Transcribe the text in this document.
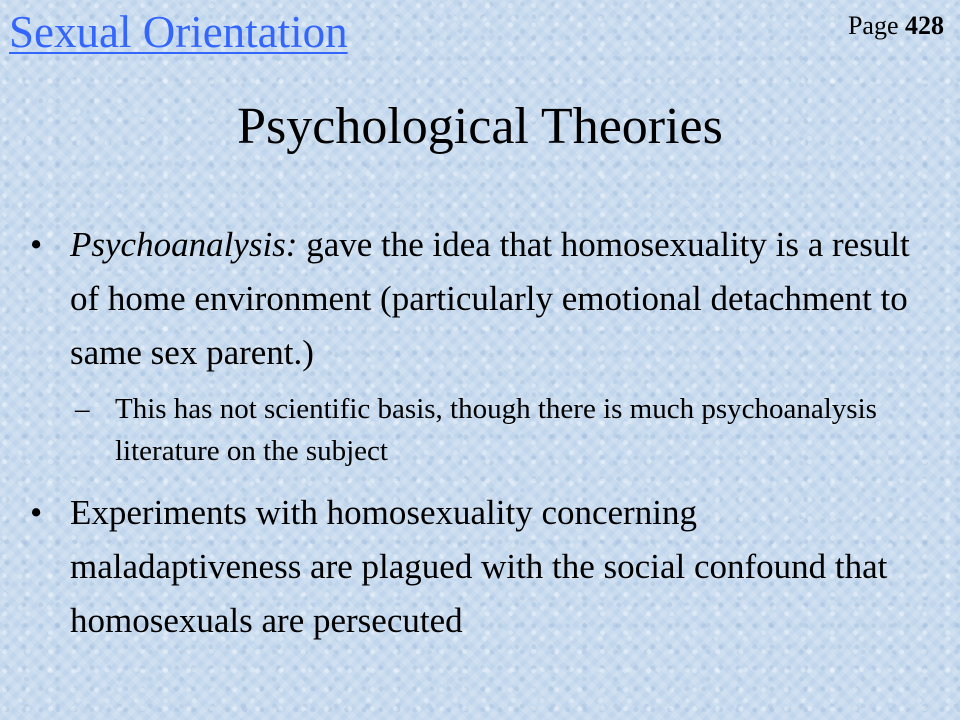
Sexual Orientation	Page 428
Psychological Theories
• Psychoanalysis: gave the idea that homosexuality is a result of home environment (particularly emotional detachment to same sex parent.)
– This has not scientific basis, though there is much psychoanalysis literature on the subject
• Experiments with homosexuality concerning maladaptiveness are plagued with the social confound that homosexuals are persecuted
